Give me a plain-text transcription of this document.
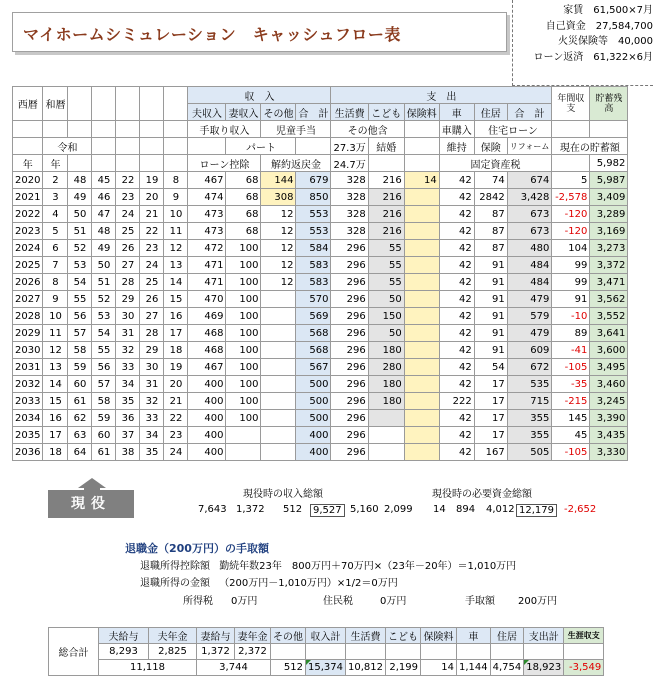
マイホームシミュレーション　キャッシュフロー表
家賃　61,500×7月
自己資金　27,584,700
火災保険等　40,000
ローン返済　61,322×6月
西暦	和暦						収　入				支　出						年間収支	貯蓄残高
							夫収入	妻収入	その他	合　計	生活費	こども	保険料	車	住居	合　計		
							手取り収入		児童手当		その他含			車購入	住宅ローン			
	令和							パート			27.3万	結婚		維持	保険	リフォーム	現在の貯蓄額	
年	年						ローン控除		解約返戻金		24.7万			固定資産税				5,982
2020	2	48	45	22	19	8	467	68	144	679	328	216	14	42	74	674	5	5,987
2021	3	49	46	23	20	9	474	68	308	850	328	216		42	2842	3,428	-2,578	3,409
2022	4	50	47	24	21	10	473	68	12	553	328	216		42	87	673	-120	3,289
2023	5	51	48	25	22	11	473	68	12	553	328	216		42	87	673	-120	3,169
2024	6	52	49	26	23	12	472	100	12	584	296	55		42	87	480	104	3,273
2025	7	53	50	27	24	13	471	100	12	583	296	55		42	91	484	99	3,372
2026	8	54	51	28	25	14	471	100	12	583	296	55		42	91	484	99	3,471
2027	9	55	52	29	26	15	470	100		570	296	50		42	91	479	91	3,562
2028	10	56	53	30	27	16	469	100		569	296	150		42	91	579	-10	3,552
2029	11	57	54	31	28	17	468	100		568	296	50		42	91	479	89	3,641
2030	12	58	55	32	29	18	468	100		568	296	180		42	91	609	-41	3,600
2031	13	59	56	33	30	19	467	100		567	296	280		42	54	672	-105	3,495
2032	14	60	57	34	31	20	400	100		500	296	180		42	17	535	-35	3,460
2033	15	61	58	35	32	21	400	100		500	296	180		222	17	715	-215	3,245
2034	16	62	59	36	33	22	400	100		500	296			42	17	355	145	3,390
2035	17	63	60	37	34	23	400			400	296			42	17	355	45	3,435
2036	18	64	61	38	35	24	400			400	296			42	167	505	-105	3,330
現役
現役時の収入総額	現役時の必要資金総額
7,643 1,372 512	9,527 5,160 2,099 14 894 4,012 12,179	-2,652
退職金（200万円）の手取額
退職所得控除額 勤続年数23年　800万円＋70万円×（23年－20年）＝1,010万円
退職所得の金額 （200万円－1,010万円）×1/2＝0万円
所得税 0万円	住民税	0万円	手取額 200万円
総合計	夫給与	夫年金	妻給与	妻年金	その他	収入計	生活費	こども	保険料	車	住居	支出計	生涯収支
	8,293	2,825	1,372	2,372									
	11,118		3,744		512	15,374	10,812	2,199	14	1,144	4,754	18,923	-3,549
